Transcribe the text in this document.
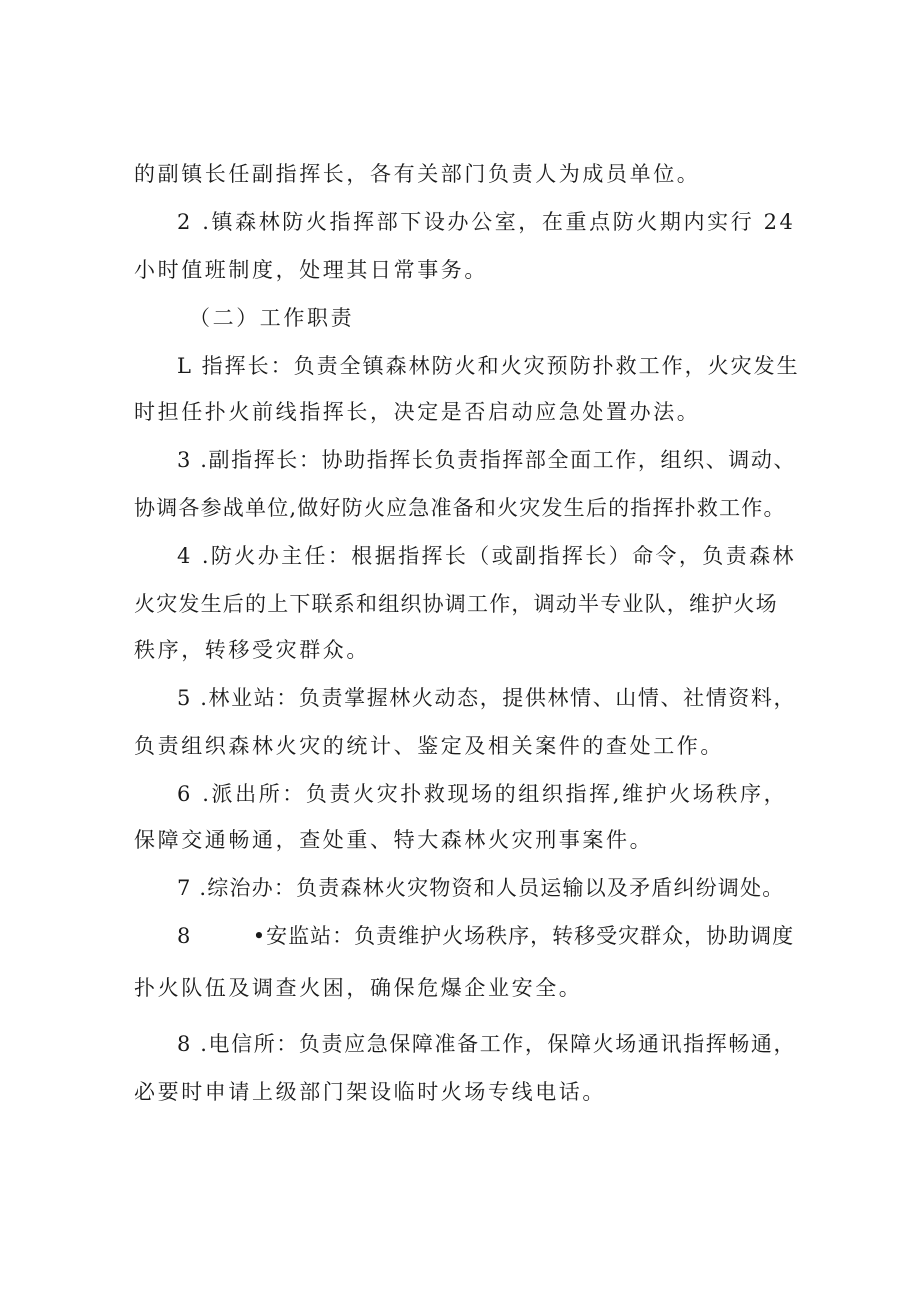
的副镇长任副指挥长，各有关部门负责人为成员单位。
2 .镇森林防火指挥部下设办公室，在重点防火期内实行 24
小时值班制度，处理其日常事务。
（二）工作职责
L 指挥长：负责全镇森林防火和火灾预防扑救工作，火灾发生
时担任扑火前线指挥长，决定是否启动应急处置办法。
3 .副指挥长：协助指挥长负责指挥部全面工作，组织、调动、
协调各参战单位,做好防火应急准备和火灾发生后的指挥扑救工作。
4 .防火办主任：根据指挥长（或副指挥长）命令，负责森林
火灾发生后的上下联系和组织协调工作，调动半专业队，维护火场
秩序，转移受灾群众。
5 .林业站：负责掌握林火动态，提供林情、山情、社情资料，
负责组织森林火灾的统计、鉴定及相关案件的查处工作。
6 .派出所：负责火灾扑救现场的组织指挥,维护火场秩序，
保障交通畅通，查处重、特大森林火灾刑事案件。
7 .综治办：负责森林火灾物资和人员运输以及矛盾纠纷调处。
8        •安监站：负责维护火场秩序，转移受灾群众，协助调度
扑火队伍及调查火困，确保危爆企业安全。
8 .电信所：负责应急保障准备工作，保障火场通讯指挥畅通，
必要时申请上级部门架设临时火场专线电话。
